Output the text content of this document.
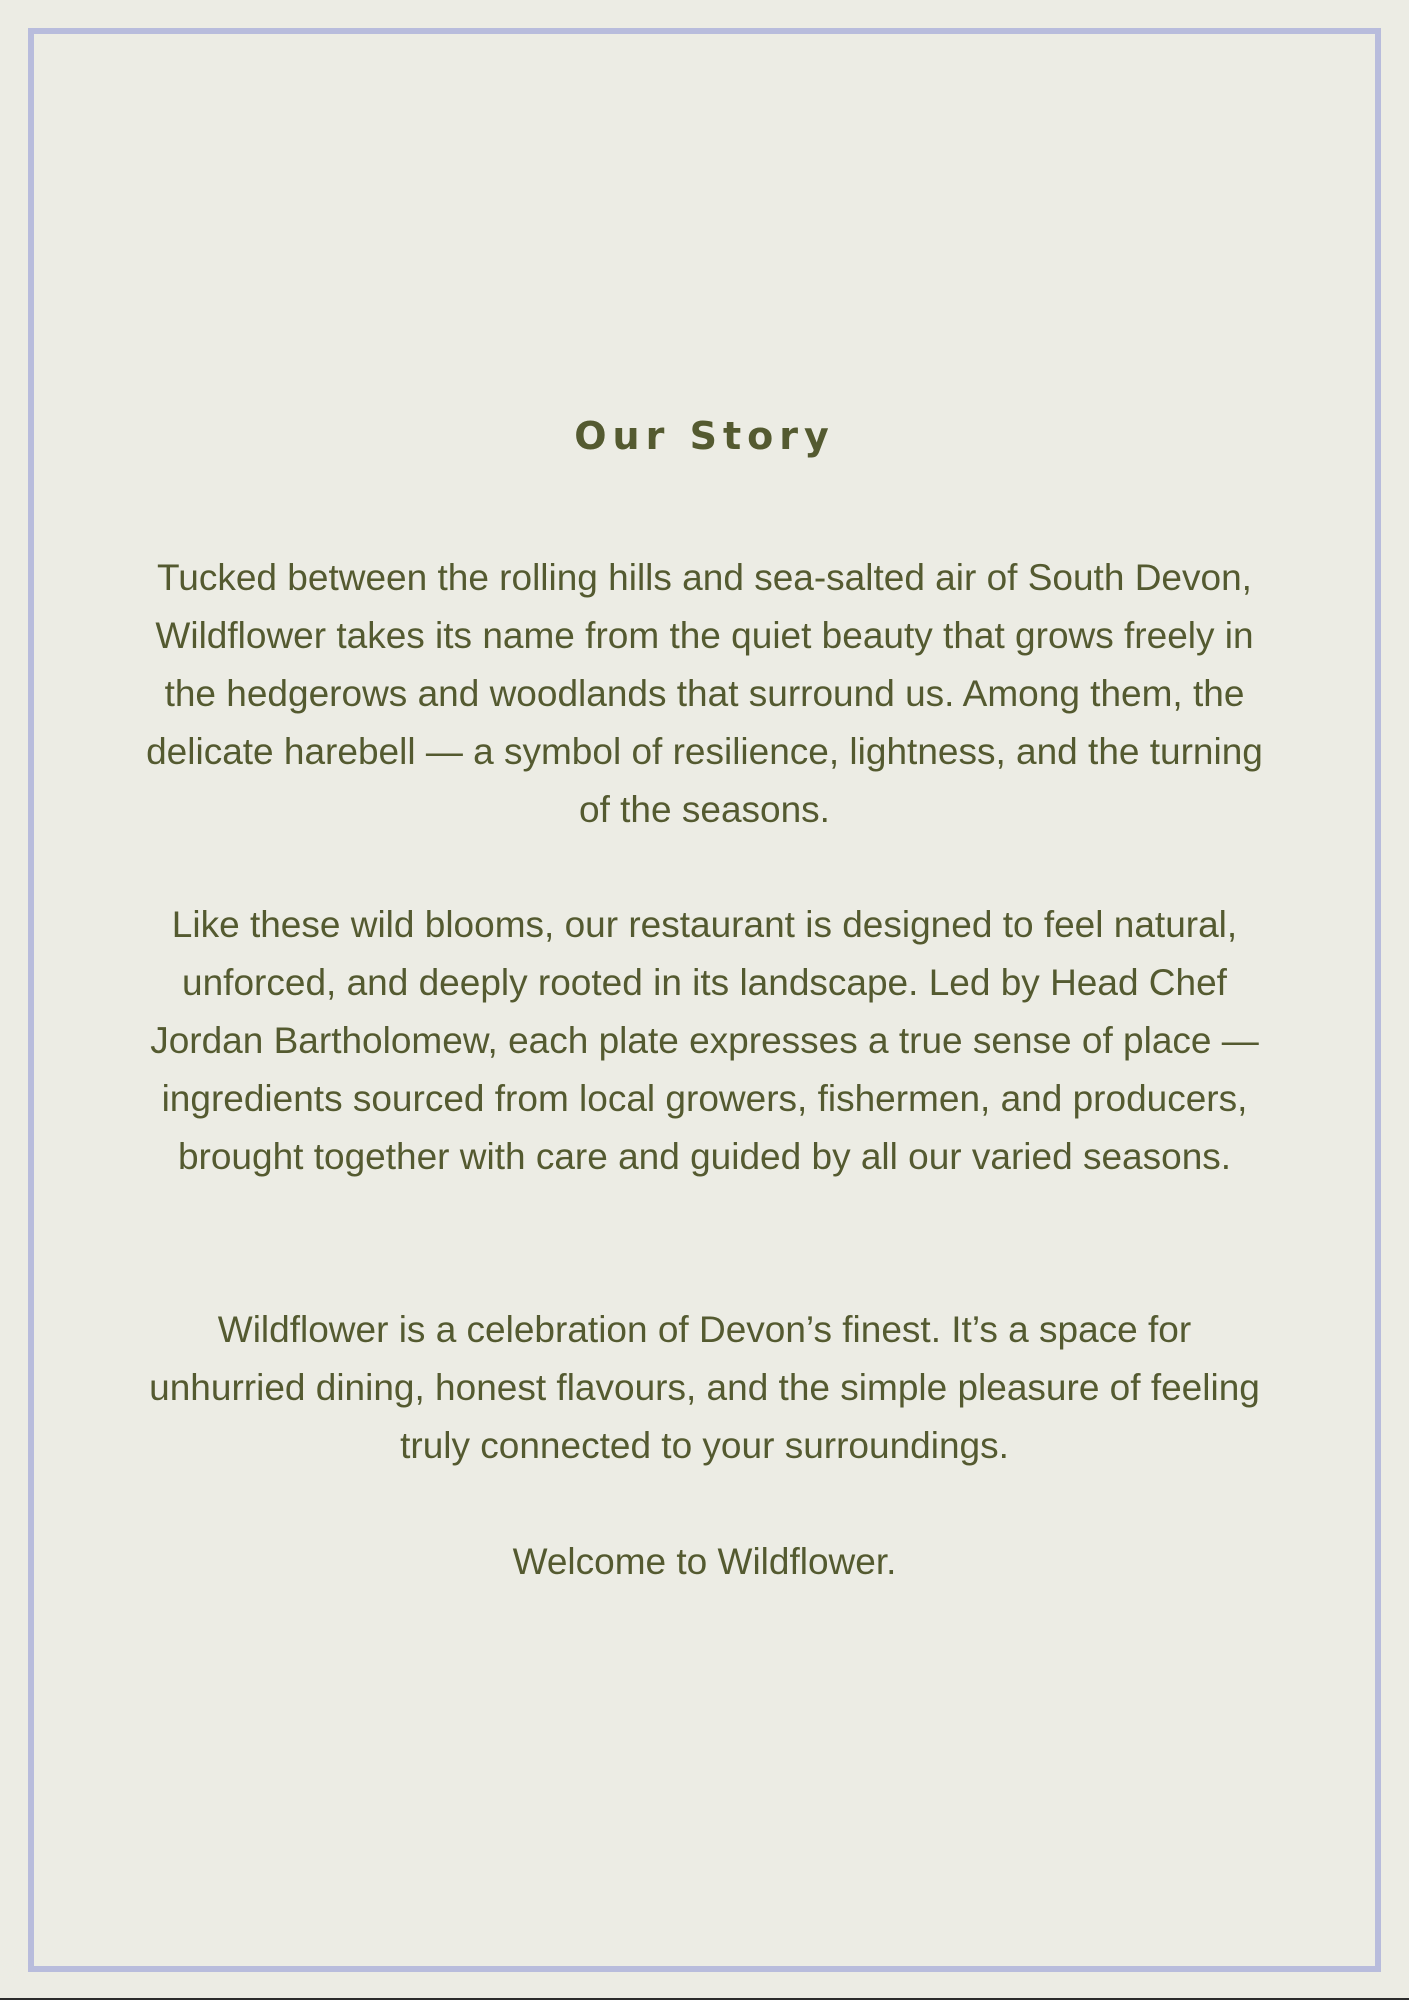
Our Story

Tucked between the rolling hills and sea-salted air of South Devon, Wildflower takes its name from the quiet beauty that grows freely in the hedgerows and woodlands that surround us. Among them, the delicate harebell — a symbol of resilience, lightness, and the turning of the seasons.

Like these wild blooms, our restaurant is designed to feel natural, unforced, and deeply rooted in its landscape. Led by Head Chef Jordan Bartholomew, each plate expresses a true sense of place — ingredients sourced from local growers, fishermen, and producers, brought together with care and guided by all our varied seasons.

Wildflower is a celebration of Devon’s finest. It’s a space for unhurried dining, honest flavours, and the simple pleasure of feeling truly connected to your surroundings.

Welcome to Wildflower.
